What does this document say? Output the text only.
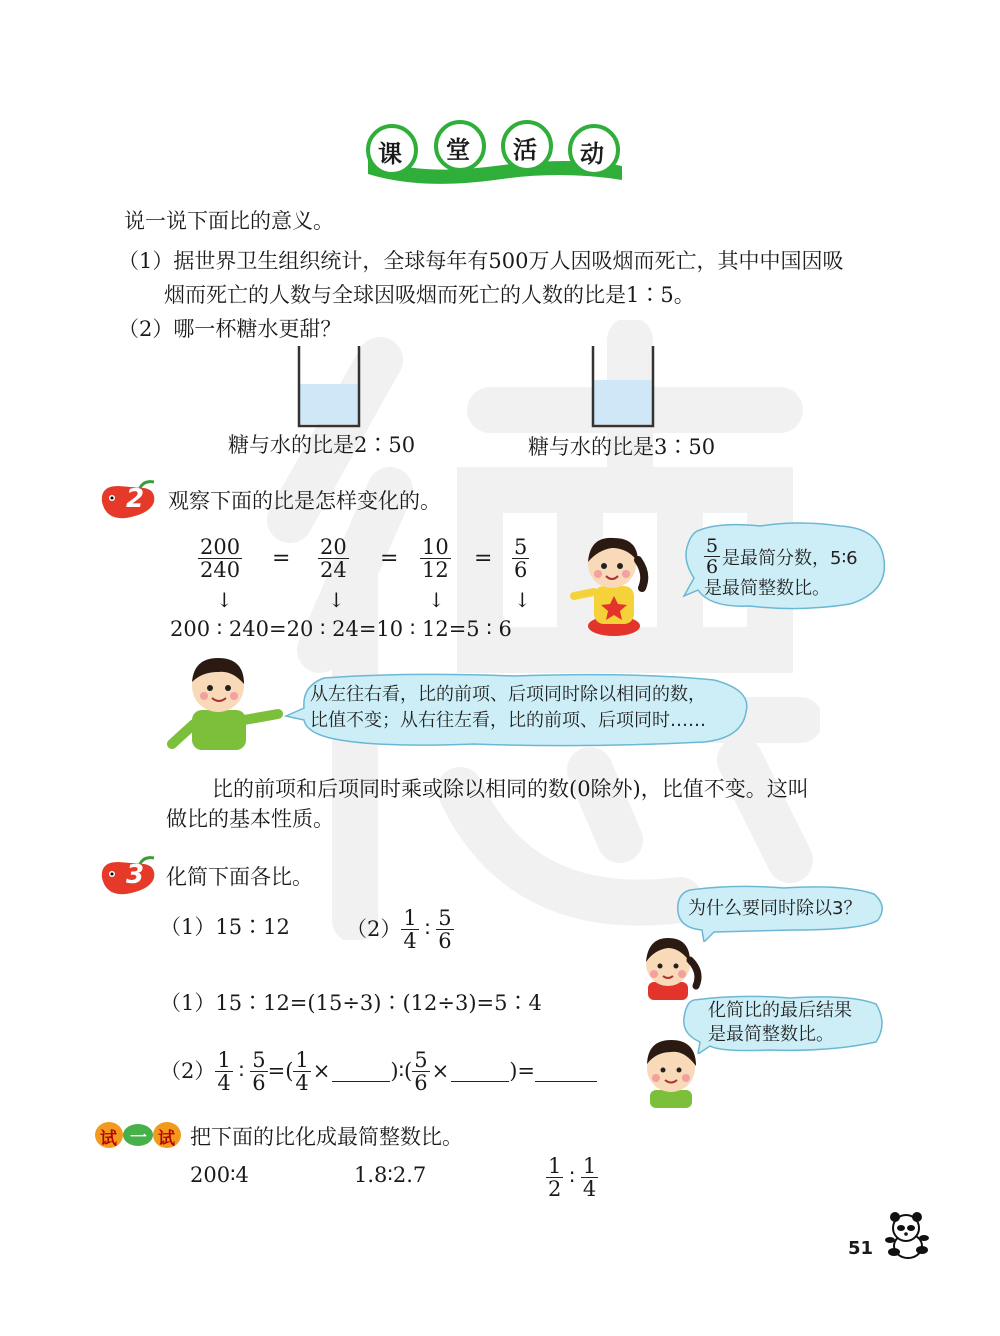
课 堂 活 动
说一说下面比的意义。
（1）据世界卫生组织统计，全球每年有500万人因吸烟而死亡，其中中国因吸
烟而死亡的人数与全球因吸烟而死亡的人数的比是1∶5。
（2）哪一杯糖水更甜？
糖与水的比是2∶50	糖与水的比是3∶50
2 观察下面的比是怎样变化的。
$\frac{200}{240} = \frac{20}{24} = \frac{10}{12} = \frac{5}{6}$
↓	↓	↓	↓
200 ∶ 240=20 ∶ 24=10 ∶ 12=5 ∶ 6
$\frac{5}{6}$ 是最简分数，5∶6
是最简整数比。
从左往右看，比的前项、后项同时除以相同的数，
比值不变；从右往左看，比的前项、后项同时……
比的前项和后项同时乘或除以相同的数(0除外)，比值不变。这叫
做比的基本性质。
3 化简下面各比。
（1）15∶12	$(2) \frac{1}{4}$ ∶ $\frac{5}{6}$	为什么要同时除以3？
（1）15∶12=(15÷3)∶(12÷3)=5∶4	化简比的最后结果
是最简整数比。
$(2) \frac{1}{4}$ ∶ $\frac{5}{6}$ =( $\frac{1}{4}$ ×	)∶( $\frac{5}{6}$ ×	)=
试 一 试 把下面的比化成最简整数比。
200∶4	1.8∶2.7	$\frac{1}{2}$ ∶ $\frac{1}{4}$
51
